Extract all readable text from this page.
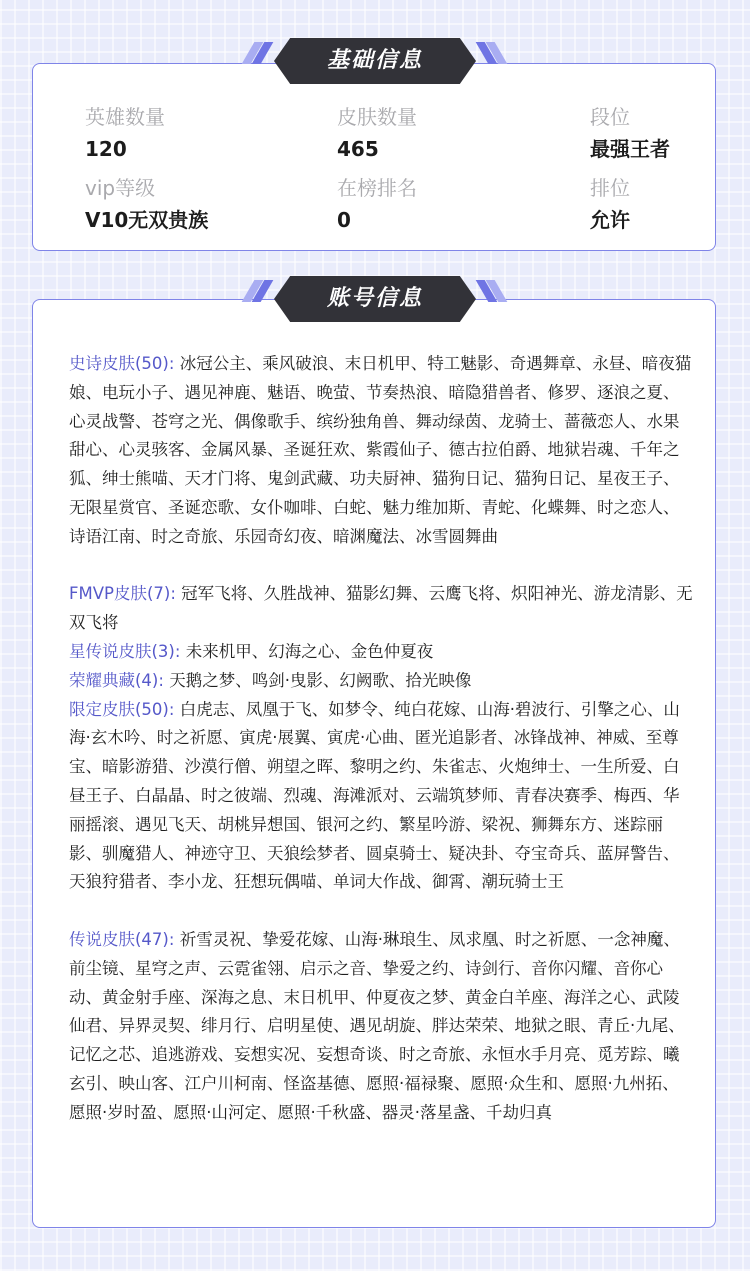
英雄数量
120
皮肤数量
465
段位
最强王者
vip等级
V10无双贵族
在榜排名
0
排位
允许
基础信息

史诗皮肤(50): 冰冠公主、乘风破浪、末日机甲、特工魅影、奇遇舞章、永昼、暗夜猫娘、电玩小子、遇见神鹿、魅语、晚萤、节奏热浪、暗隐猎兽者、修罗、逐浪之夏、心灵战警、苍穹之光、偶像歌手、缤纷独角兽、舞动绿茵、龙骑士、蔷薇恋人、水果甜心、心灵骇客、金属风暴、圣诞狂欢、紫霞仙子、德古拉伯爵、地狱岩魂、千年之狐、绅士熊喵、天才门将、鬼剑武藏、功夫厨神、猫狗日记、猫狗日记、星夜王子、无限星赏官、圣诞恋歌、女仆咖啡、白蛇、魅力维加斯、青蛇、化蝶舞、时之恋人、诗语江南、时之奇旅、乐园奇幻夜、暗渊魔法、冰雪圆舞曲

FMVP皮肤(7): 冠军飞将、久胜战神、猫影幻舞、云鹰飞将、炽阳神光、游龙清影、无双飞将

星传说皮肤(3): 未来机甲、幻海之心、金色仲夏夜

荣耀典藏(4): 天鹅之梦、鸣剑·曳影、幻阙歌、拾光映像

限定皮肤(50): 白虎志、凤凰于飞、如梦令、纯白花嫁、山海·碧波行、引擎之心、山海·玄木吟、时之祈愿、寅虎·展翼、寅虎·心曲、匿光追影者、冰锋战神、神威、至尊宝、暗影游猎、沙漠行僧、朔望之晖、黎明之约、朱雀志、火炮绅士、一生所爱、白昼王子、白晶晶、时之彼端、烈魂、海滩派对、云端筑梦师、青春决赛季、梅西、华丽摇滚、遇见飞天、胡桃异想国、银河之约、繁星吟游、梁祝、狮舞东方、迷踪丽影、驯魔猎人、神迹守卫、天狼绘梦者、圆桌骑士、疑决卦、夺宝奇兵、蓝屏警告、天狼狩猎者、李小龙、狂想玩偶喵、单词大作战、御霄、潮玩骑士王

传说皮肤(47): 祈雪灵祝、挚爱花嫁、山海·琳琅生、凤求凰、时之祈愿、一念神魔、前尘镜、星穹之声、云霓雀翎、启示之音、挚爱之约、诗剑行、音你闪耀、音你心动、黄金射手座、深海之息、末日机甲、仲夏夜之梦、黄金白羊座、海洋之心、武陵仙君、异界灵契、绯月行、启明星使、遇见胡旋、胖达荣荣、地狱之眼、青丘·九尾、记忆之芯、追逃游戏、妄想实况、妄想奇谈、时之奇旅、永恒水手月亮、觅芳踪、曦玄引、映山客、江户川柯南、怪盗基德、愿照·福禄聚、愿照·众生和、愿照·九州拓、愿照·岁时盈、愿照·山河定、愿照·千秋盛、器灵·落星盏、千劫归真

账号信息
